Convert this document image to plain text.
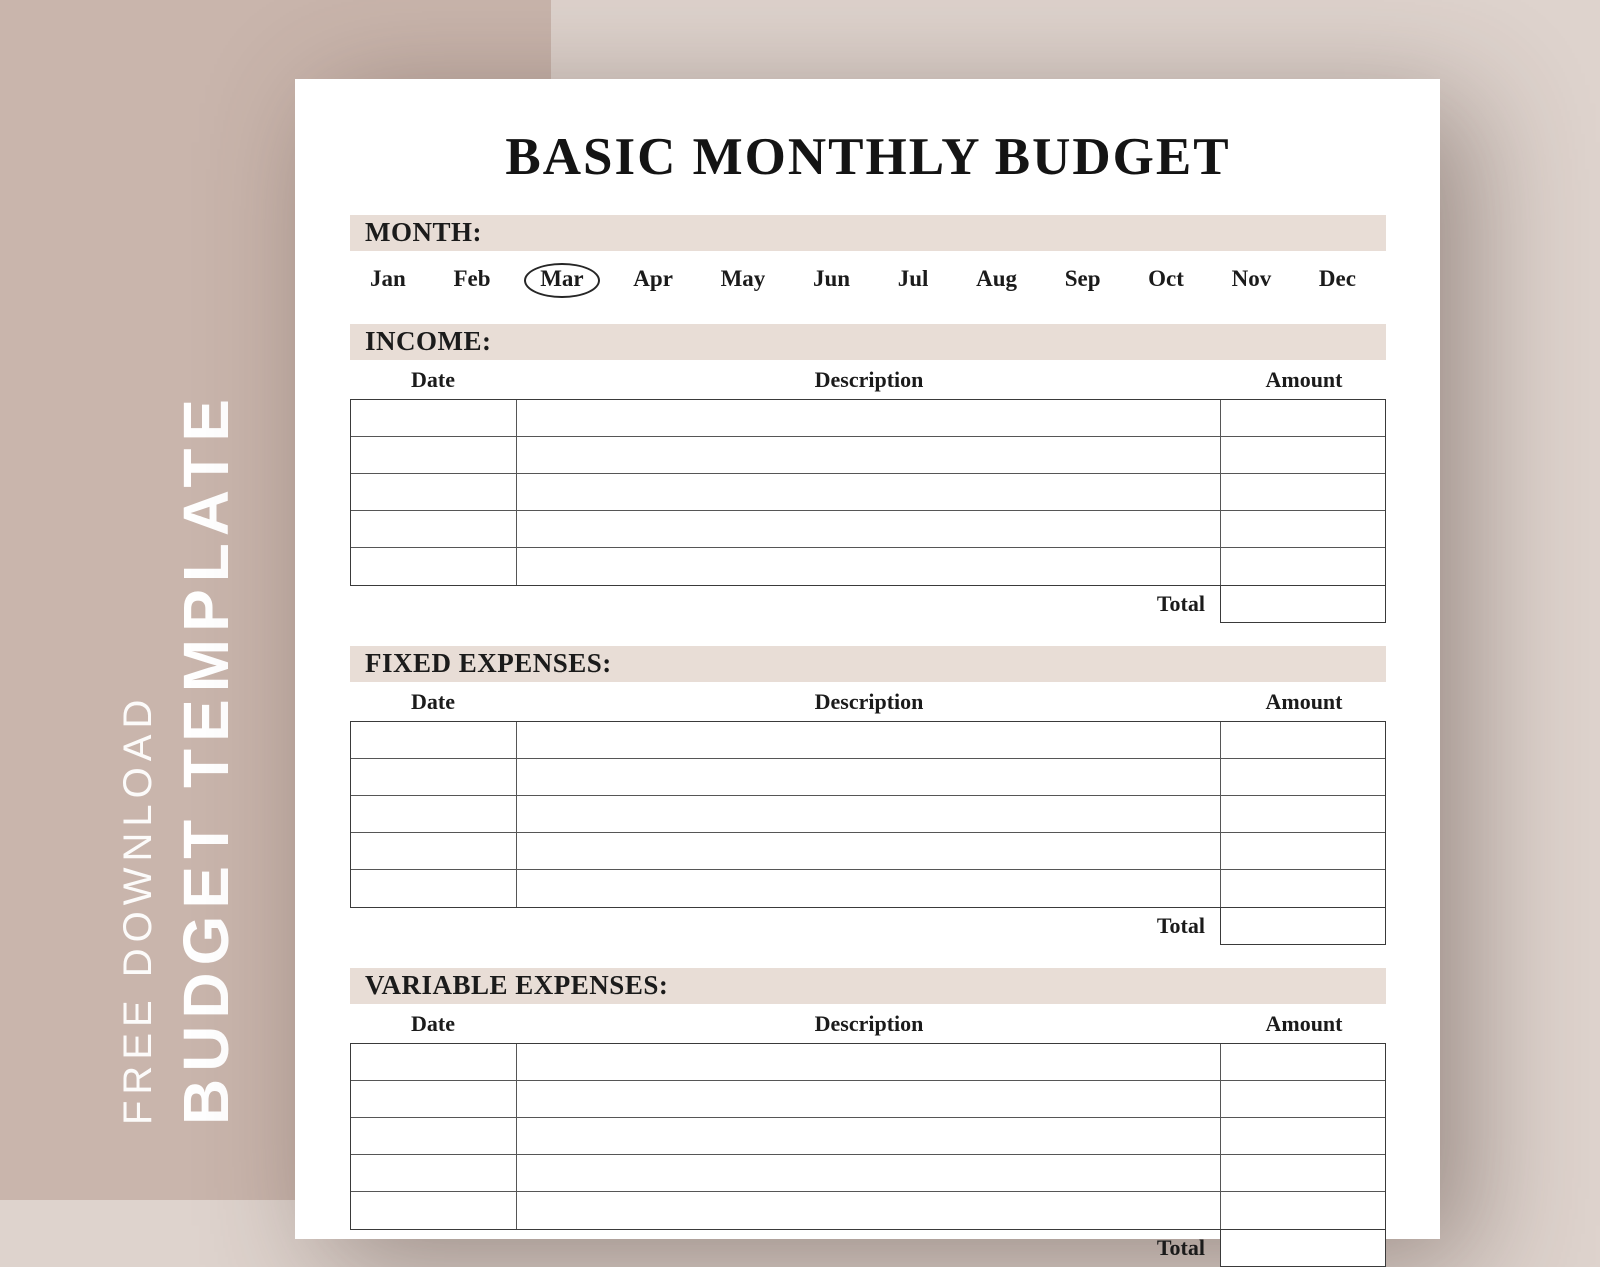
FREE DOWNLOAD BUDGET TEMPLATE
BASIC MONTHLY BUDGET
MONTH:
Jan Feb Mar Apr May Jun Jul Aug Sep Oct Nov Dec
INCOME:
Date	Description	Amount
Total
FIXED EXPENSES:
Date	Description	Amount
Total
VARIABLE EXPENSES:
Date	Description	Amount
Total
